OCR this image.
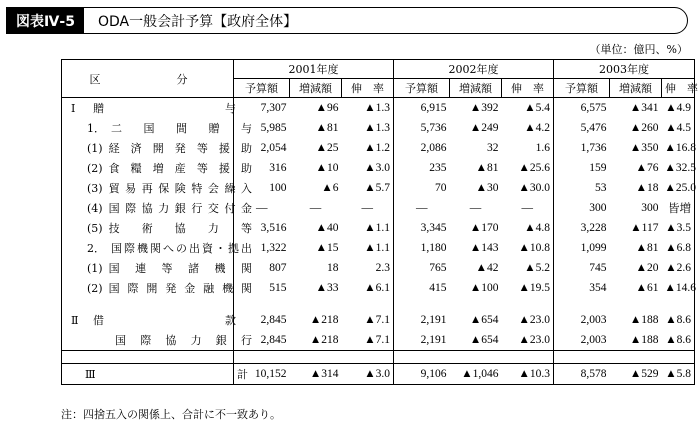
図表Ⅳ-5	ODA一般会計予算【政府全体】
（単位：億円、%）
区　　分	2001年度			2002年度			2003年度		
	予算額	増減額	伸　率	予算額	増減額	伸　率	予算額	増減額	伸　率

Ⅰ 贈　　　　　　　　与	7,307	▲96	▲1.3	6,915	▲392	▲5.4	6,575	▲341	▲4.9

1． 二　国　間　贈　与	5,985	▲81	▲1.3	5,736	▲249	▲4.2	5,476	▲260	▲4.5

(1) 経済開発等援助	2,054	▲25	▲1.2	2,086	32	1.6	1,736	▲350	▲16.8

(2) 食糧増産等援助	316	▲10	▲3.0	235	▲81	▲25.6	159	▲76	▲32.5

(3) 貿易再保険特会繰入	100	▲6	▲5.7	70	▲30	▲30.0	53	▲18	▲25.0

(4) 国際協力銀行交付金	—	—	—	—	—	—	300	300	皆増

(5) 技　術　協　力　等	3,516	▲40	▲1.1	3,345	▲170	▲4.8	3,228	▲117	▲3.5

2． 国際機関への出資・拠出	1,322	▲15	▲1.1	1,180	▲143	▲10.8	1,099	▲81	▲6.8

(1) 国　連　等　諸　機　関	807	18	2.3	765	▲42	▲5.2	745	▲20	▲2.6

(2) 国際開発金融機関	515	▲33	▲6.1	415	▲100	▲19.5	354	▲61	▲14.6

Ⅱ 借　　　　　　　　款	2,845	▲218	▲7.1	2,191	▲654	▲23.0	2,003	▲188	▲8.6

国　際　協　力　銀　行	2,845	▲218	▲7.1	2,191	▲654	▲23.0	2,003	▲188	▲8.6

Ⅲ 計	10,152	▲314	▲3.0	9,106	▲1,046	▲10.3	8,578	▲529	▲5.8
注：四捨五入の関係上、合計に不一致あり。
